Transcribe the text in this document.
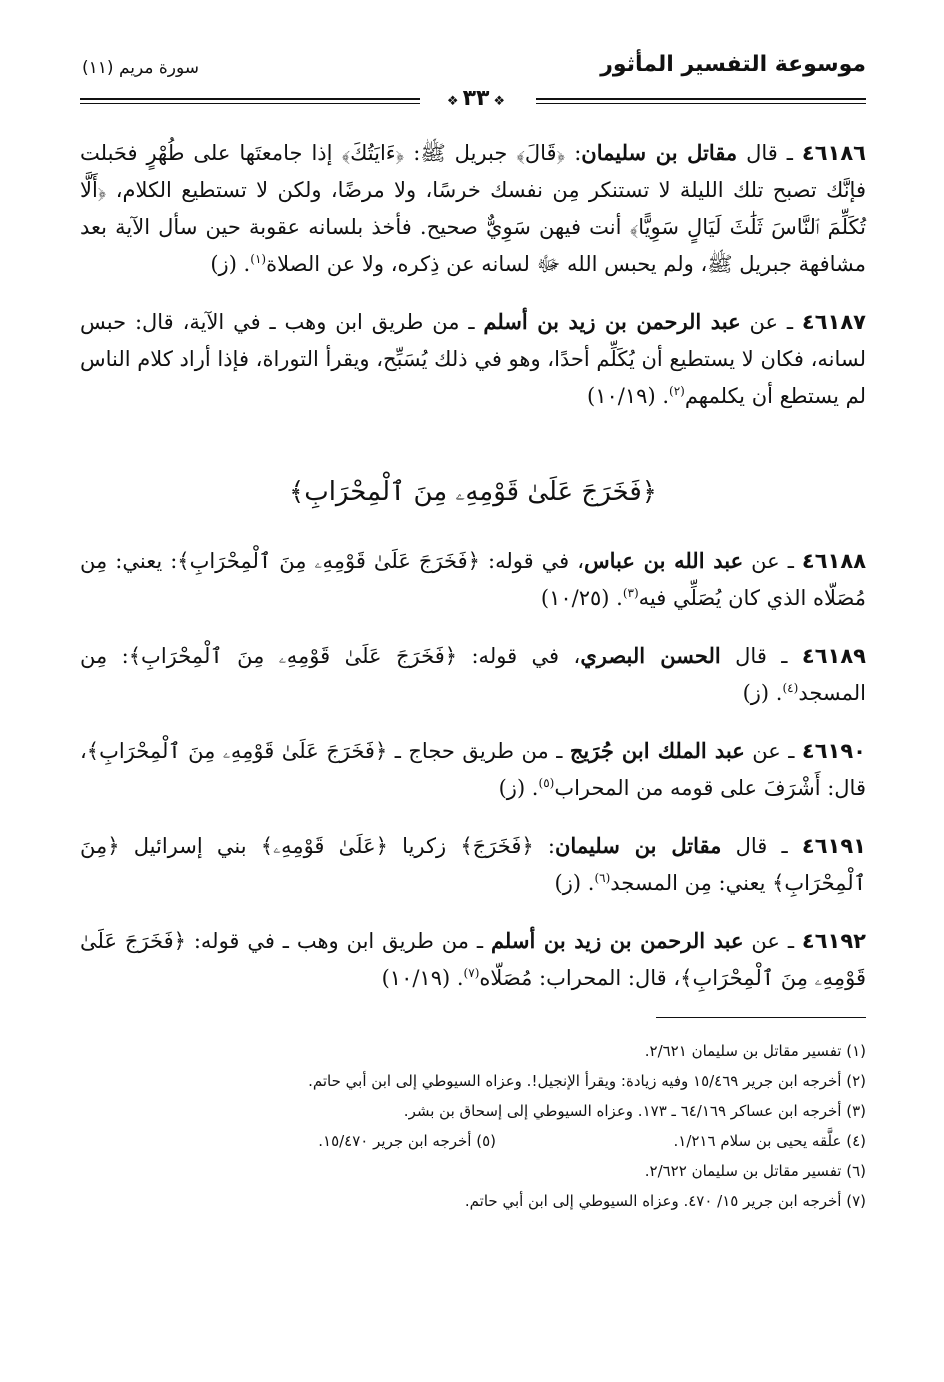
موسوعة التفسير المأثور
❖٣٣❖
سورة مريم (١١)

٤٦١٨٦ ـ قال مقاتل بن سليمان: ﴿قَالَ﴾ جبريل ﷺ: ﴿ءَايَتُكَ﴾ إذا جامعتَها على طُهْرٍ فحَبلت فإنَّك تصبح تلك الليلة لا تستنكر مِن نفسك خرسًا، ولا مرضًا، ولكن لا تستطيع الكلام، ﴿أَلَّا تُكَلِّمَ ٱلنَّاسَ ثَلَٰثَ لَيَالٍ سَوِيًّا﴾ أنت فيهن سَوِيٌّ صحيح. فأخذ بلسانه عقوبة حين سأل الآية بعد مشافهة جبريل ﷺ، ولم يحبس الله ﷻ لسانه عن ذِكره، ولا عن الصلاة$^{(١)}$. (ز)

٤٦١٨٧ ـ عن عبد الرحمن بن زيد بن أسلم ـ من طريق ابن وهب ـ في الآية، قال: حبس لسانه، فكان لا يستطيع أن يُكَلِّم أحدًا، وهو في ذلك يُسَبِّح، ويقرأ التوراة، فإذا أراد كلام الناس لم يستطع أن يكلمهم$^{(٢)}$. (١٠/١٩)

﴿فَخَرَجَ عَلَىٰ قَوْمِهِۦ مِنَ ٱلْمِحْرَابِ﴾

٤٦١٨٨ ـ عن عبد الله بن عباس، في قوله: ﴿فَخَرَجَ عَلَىٰ قَوْمِهِۦ مِنَ ٱلْمِحْرَابِ﴾: يعني: مِن مُصَلّاه الذي كان يُصَلِّي فيه$^{(٣)}$. (١٠/٢٥)

٤٦١٨٩ ـ قال الحسن البصري، في قوله: ﴿فَخَرَجَ عَلَىٰ قَوْمِهِۦ مِنَ ٱلْمِحْرَابِ﴾: مِن المسجد$^{(٤)}$. (ز)

٤٦١٩٠ ـ عن عبد الملك ابن جُرَيج ـ من طريق حجاج ـ ﴿فَخَرَجَ عَلَىٰ قَوْمِهِۦ مِنَ ٱلْمِحْرَابِ﴾، قال: أَشْرَفَ على قومه من المحراب$^{(٥)}$. (ز)

٤٦١٩١ ـ قال مقاتل بن سليمان: ﴿فَخَرَجَ﴾ زكريا ﴿عَلَىٰ قَوْمِهِۦ﴾ بني إسرائيل ﴿مِنَ ٱلْمِحْرَابِ﴾ يعني: مِن المسجد$^{(٦)}$. (ز)

٤٦١٩٢ ـ عن عبد الرحمن بن زيد بن أسلم ـ من طريق ابن وهب ـ في قوله: ﴿فَخَرَجَ عَلَىٰ قَوْمِهِۦ مِنَ ٱلْمِحْرَابِ﴾، قال: المحراب: مُصَلّاه$^{(٧)}$. (١٠/١٩)

(١) تفسير مقاتل بن سليمان ٢/٦٢١.
(٢) أخرجه ابن جرير ١٥/٤٦٩ وفيه زيادة: ويقرأ الإنجيل!. وعزاه السيوطي إلى ابن أبي حاتم.
(٣) أخرجه ابن عساكر ٦٤/١٦٩ ـ ١٧٣. وعزاه السيوطي إلى إسحاق بن بشر.
(٤) علَّقه يحيى بن سلام ١/٢١٦.
(٥) أخرجه ابن جرير ١٥/٤٧٠.
(٦) تفسير مقاتل بن سليمان ٢/٦٢٢.
(٧) أخرجه ابن جرير ١٥/ ٤٧٠. وعزاه السيوطي إلى ابن أبي حاتم.
